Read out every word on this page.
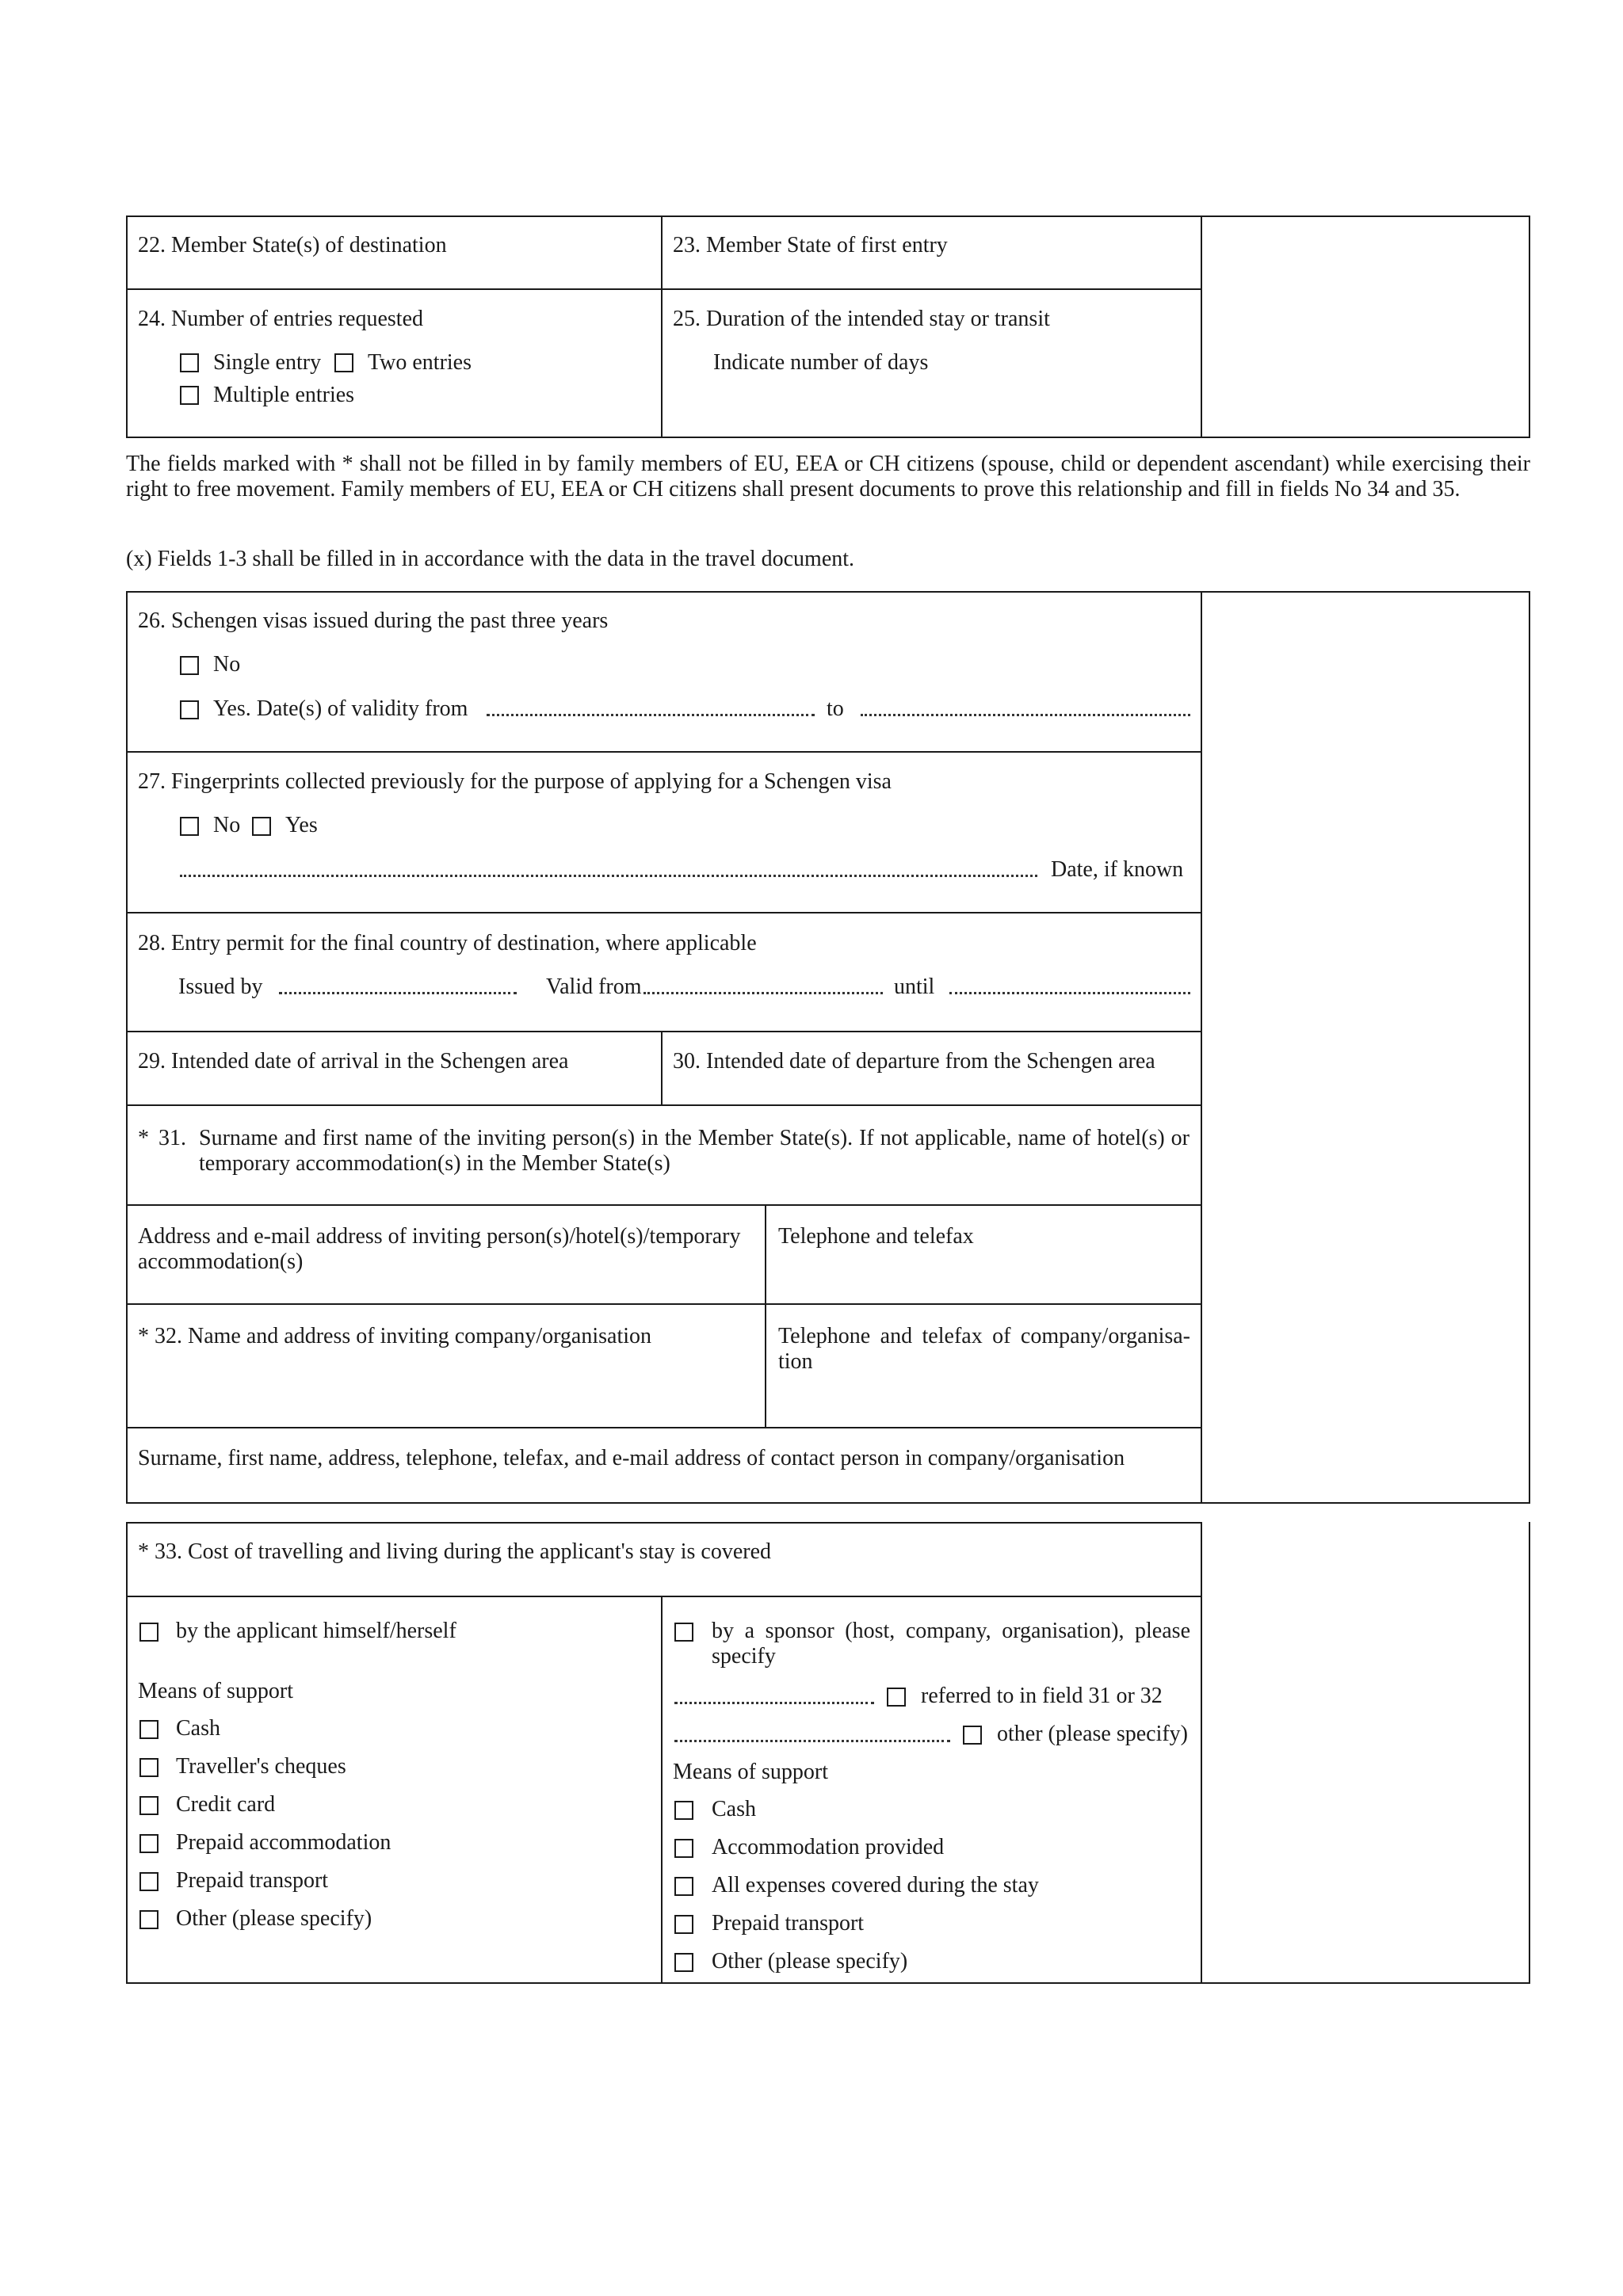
22. Member State(s) of destination	23. Member State of first entry
24. Number of entries requested
Single entry Two entries
Multiple entries
25. Duration of the intended stay or transit
Indicate number of days
The fields marked with * shall not be filled in by family members of EU, EEA or CH citizens (spouse, child or dependent ascendant) while exercising their right to free movement. Family members of EU, EEA or CH citizens shall present documents to prove this relationship and fill in fields No 34 and 35.
(x) Fields 1-3 shall be filled in in accordance with the data in the travel document.
26. Schengen visas issued during the past three years
No
Yes. Date(s) of validity from	to
27. Fingerprints collected previously for the purpose of applying for a Schengen visa
No Yes
Date, if known
28. Entry permit for the final country of destination, where applicable
Issued by	Valid from	until
29. Intended date of arrival in the Schengen area	30. Intended date of departure from the Schengen area
* 31. Surname and first name of the inviting person(s) in the Member State(s). If not applicable, name of hotel(s) or temporary accommodation(s) in the Member State(s)
Address and e-mail address of inviting person(s)/hotel(s)/temporary accommodation(s)
Telephone and telefax
* 32. Name and address of inviting company/organisation	Telephone and telefax of company/organisa- tion
Surname, first name, address, telephone, telefax, and e-mail address of contact person in company/organisation
* 33. Cost of travelling and living during the applicant's stay is covered
by the applicant himself/herself
Means of support
Cash
Traveller's cheques
Credit card
Prepaid accommodation
Prepaid transport
Other (please specify)
by a sponsor (host, company, organisation), please specify
referred to in field 31 or 32
other (please specify)
Means of support
Cash
Accommodation provided
All expenses covered during the stay
Prepaid transport
Other (please specify)
